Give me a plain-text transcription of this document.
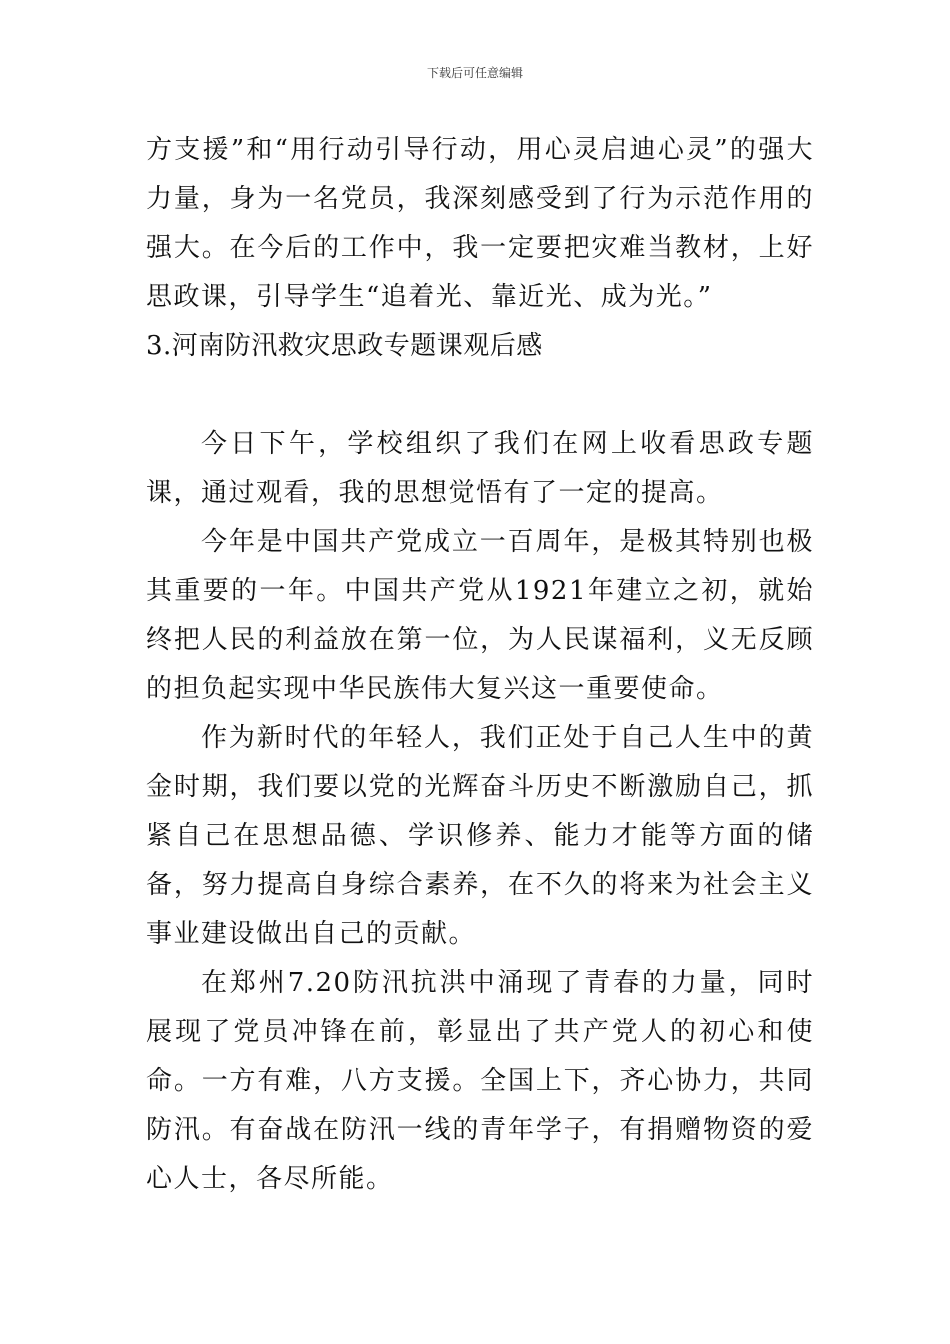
下载后可任意编辑

方支援”和“用行动引导行动，用心灵启迪心灵”的强大力量，身为一名党员，我深刻感受到了行为示范作用的强大。在今后的工作中，我一定要把灾难当教材，上好思政课，引导学生“追着光、靠近光、成为光。”

3.河南防汛救灾思政专题课观后感

今日下午，学校组织了我们在网上收看思政专题课，通过观看，我的思想觉悟有了一定的提高。

今年是中国共产党成立一百周年，是极其特别也极其重要的一年。中国共产党从1921年建立之初，就始终把人民的利益放在第一位，为人民谋福利，义无反顾的担负起实现中华民族伟大复兴这一重要使命。

作为新时代的年轻人，我们正处于自己人生中的黄金时期，我们要以党的光辉奋斗历史不断激励自己，抓紧自己在思想品德、学识修养、能力才能等方面的储备，努力提高自身综合素养，在不久的将来为社会主义事业建设做出自己的贡献。

在郑州7.20防汛抗洪中涌现了青春的力量，同时展现了党员冲锋在前，彰显出了共产党人的初心和使命。一方有难，八方支援。全国上下，齐心协力，共同防汛。有奋战在防汛一线的青年学子，有捐赠物资的爱心人士，各尽所能。
